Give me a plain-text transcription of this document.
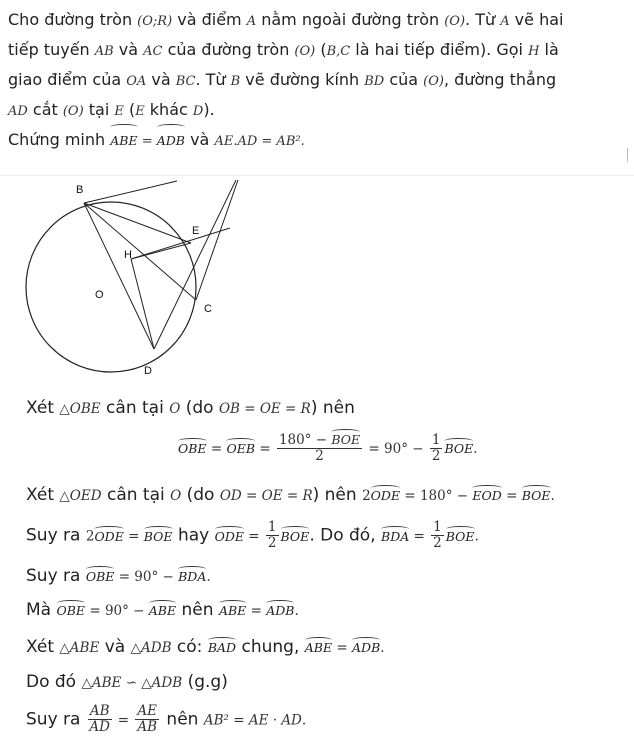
Cho đường tròn (O;R) và điểm A nằm ngoài đường tròn (O). Từ A vẽ hai

tiếp tuyến AB và AC của đường tròn (O) (B,C là hai tiếp điểm). Gọi H là

giao điểm của OA và BC. Từ B vẽ đường kính BD của (O), đường thẳng

AD cắt (O) tại E (E khác D).

Chứng minh ABE = ADB và AE.AD = AB².

B
E
H
O
C
D
Xét △OBE cân tại O (do OB = OE = R) nên
OBE = OEB = $\frac{\text{180° − BOE}}{2} = 90^\circ - \frac{1}{2}$ BOE.
Xét △OED cân tại O (do OD = OE = R) nên 2ODE = 180° − EOD = BOE.
Suy ra 2ODE = BOE hay ODE = $\frac{1}{2}$ BOE. Do đó, BDA = $\frac{1}{2}$ BOE.
Suy ra OBE = 90° − BDA.
Mà OBE = 90° − ABE nên ABE = ADB.
Xét △ABE và △ADB có: BAD chung, ABE = ADB.
Do đó △ABE ∽ △ADB (g.g)
Suy ra $\frac{AB}{AD} = \frac{AE}{AB}$ nên AB² = AE · AD.
